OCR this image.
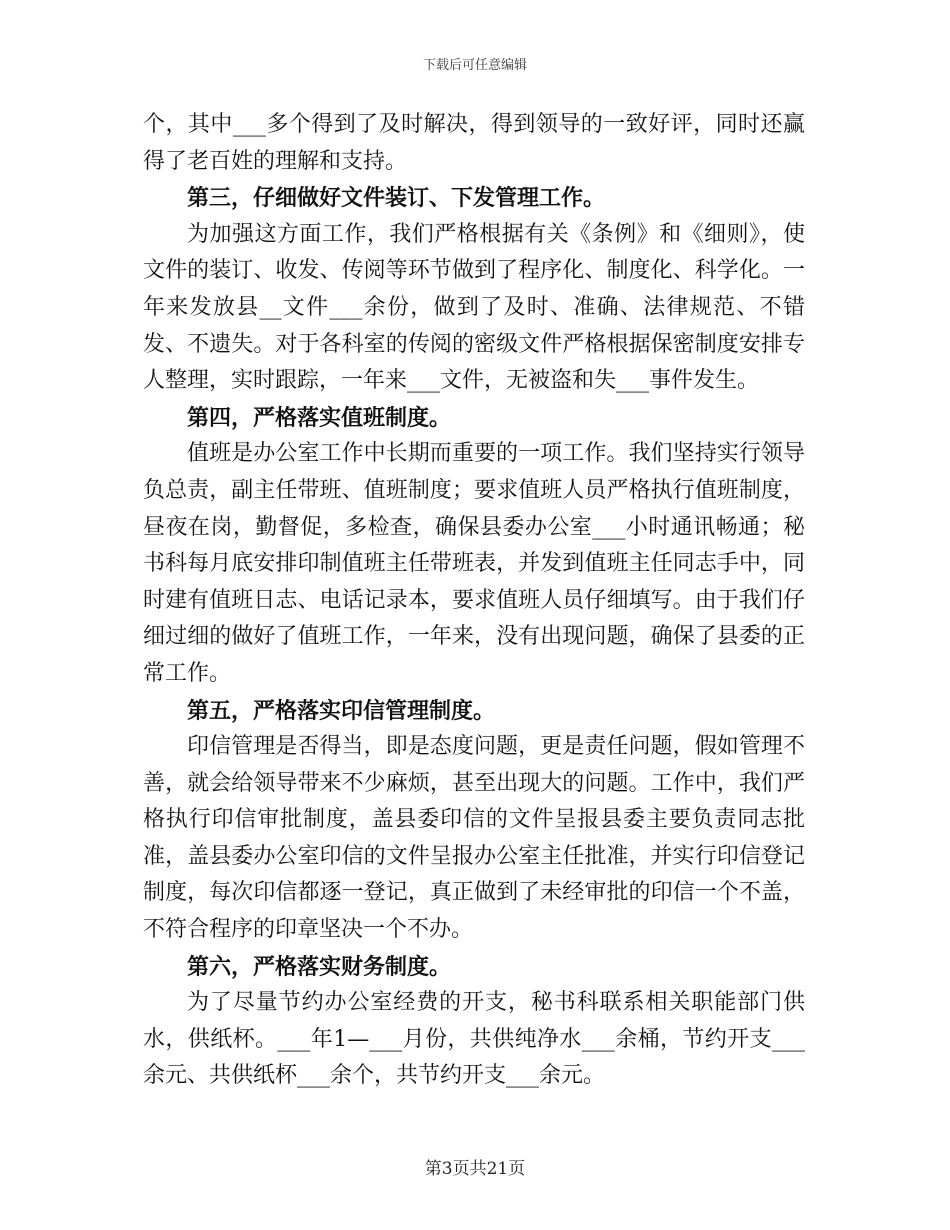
下载后可任意编辑

个，其中___多个得到了及时解决，得到领导的一致好评，同时还赢得了老百姓的理解和支持。

第三，仔细做好文件装订、下发管理工作。

为加强这方面工作，我们严格根据有关《条例》和《细则》，使文件的装订、收发、传阅等环节做到了程序化、制度化、科学化。一年来发放县__文件___余份，做到了及时、准确、法律规范、不错发、不遗失。对于各科室的传阅的密级文件严格根据保密制度安排专人整理，实时跟踪，一年来___文件，无被盗和失___事件发生。

第四，严格落实值班制度。

值班是办公室工作中长期而重要的一项工作。我们坚持实行领导负总责，副主任带班、值班制度；要求值班人员严格执行值班制度，昼夜在岗，勤督促，多检查，确保县委办公室___小时通讯畅通；秘书科每月底安排印制值班主任带班表，并发到值班主任同志手中，同时建有值班日志、电话记录本，要求值班人员仔细填写。由于我们仔细过细的做好了值班工作，一年来，没有出现问题，确保了县委的正常工作。

第五，严格落实印信管理制度。

印信管理是否得当，即是态度问题，更是责任问题，假如管理不善，就会给领导带来不少麻烦，甚至出现大的问题。工作中，我们严格执行印信审批制度，盖县委印信的文件呈报县委主要负责同志批准，盖县委办公室印信的文件呈报办公室主任批准，并实行印信登记制度，每次印信都逐一登记，真正做到了未经审批的印信一个不盖，不符合程序的印章坚决一个不办。

第六，严格落实财务制度。

为了尽量节约办公室经费的开支，秘书科联系相关职能部门供水，供纸杯。___年1—___月份，共供纯净水___余桶，节约开支___余元、共供纸杯___余个，共节约开支___余元。

第3页共21页
